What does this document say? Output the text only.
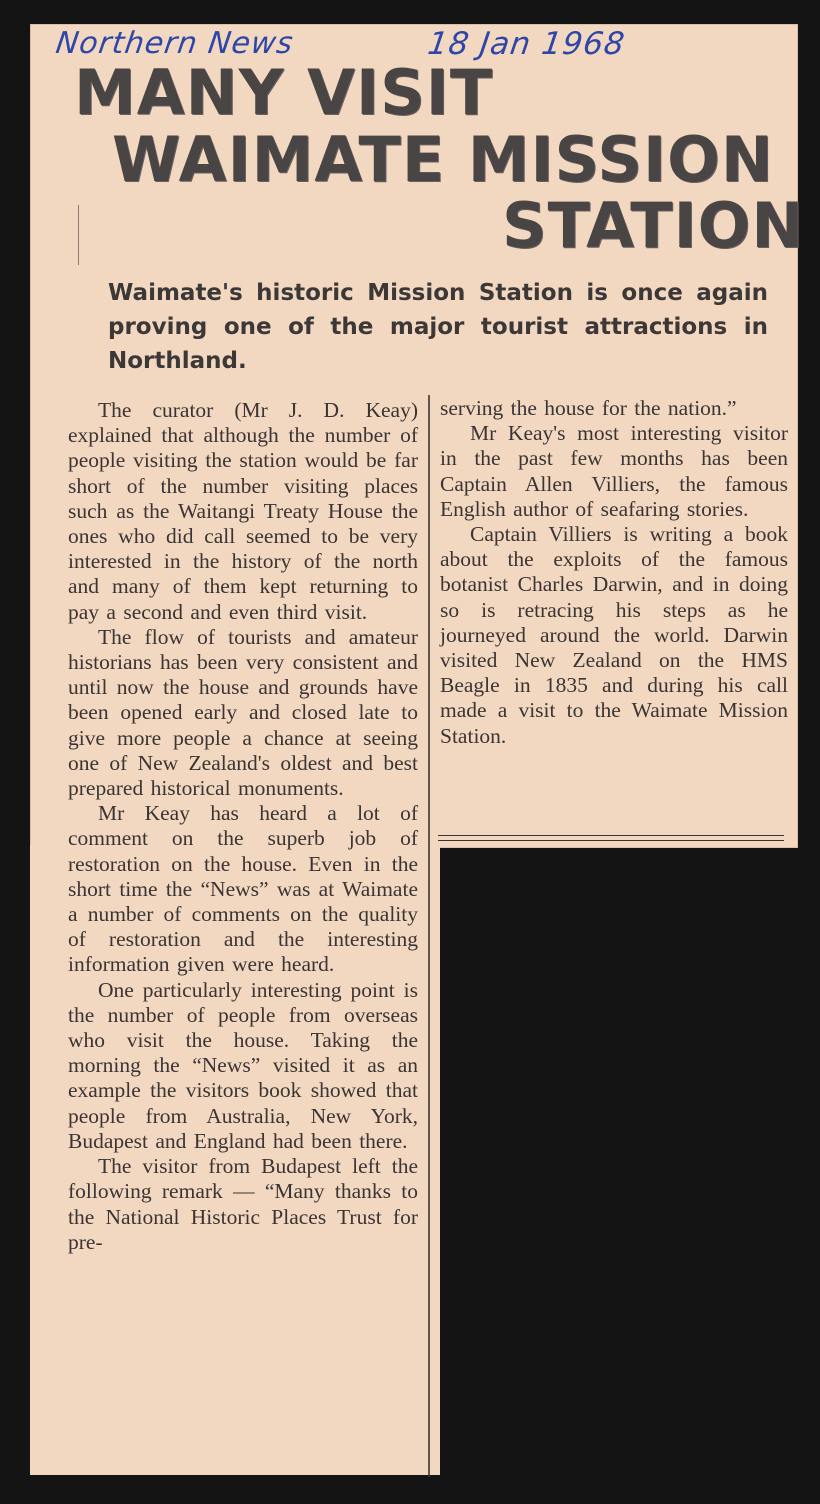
Northern News	18 Jan 1968
MANY VISIT
WAIMATE MISSION
STATION

Waimate's historic Mission Station is once again proving one of the major tourist attractions in Northland.

The curator (Mr J. D. Keay) explained that although the number of people visiting the station would be far short of the number visiting places such as the Waitangi Treaty House the ones who did call seemed to be very interested in the history of the north and many of them kept returning to pay a second and even third visit.

The flow of tourists and amateur historians has been very consistent and until now the house and grounds have been opened early and closed late to give more people a chance at seeing one of New Zealand's oldest and best prepared historical monuments.

Mr Keay has heard a lot of comment on the superb job of restoration on the house. Even in the short time the “News” was at Waimate a number of comments on the quality of restoration and the interesting information given were heard.

One particularly interesting point is the number of people from overseas who visit the house. Taking the morning the “News” visited it as an example the visitors book showed that people from Australia, New York, Budapest and England had been there.

The visitor from Budapest left the following remark — “Many thanks to the National Historic Places Trust for pre-

serving the house for the nation.”

Mr Keay's most interesting visitor in the past few months has been Captain Allen Villiers, the famous English author of seafaring stories.

Captain Villiers is writing a book about the exploits of the famous botanist Charles Darwin, and in doing so is retracing his steps as he journeyed around the world. Darwin visited New Zealand on the HMS Beagle in 1835 and during his call made a visit to the Waimate Mission Station.
